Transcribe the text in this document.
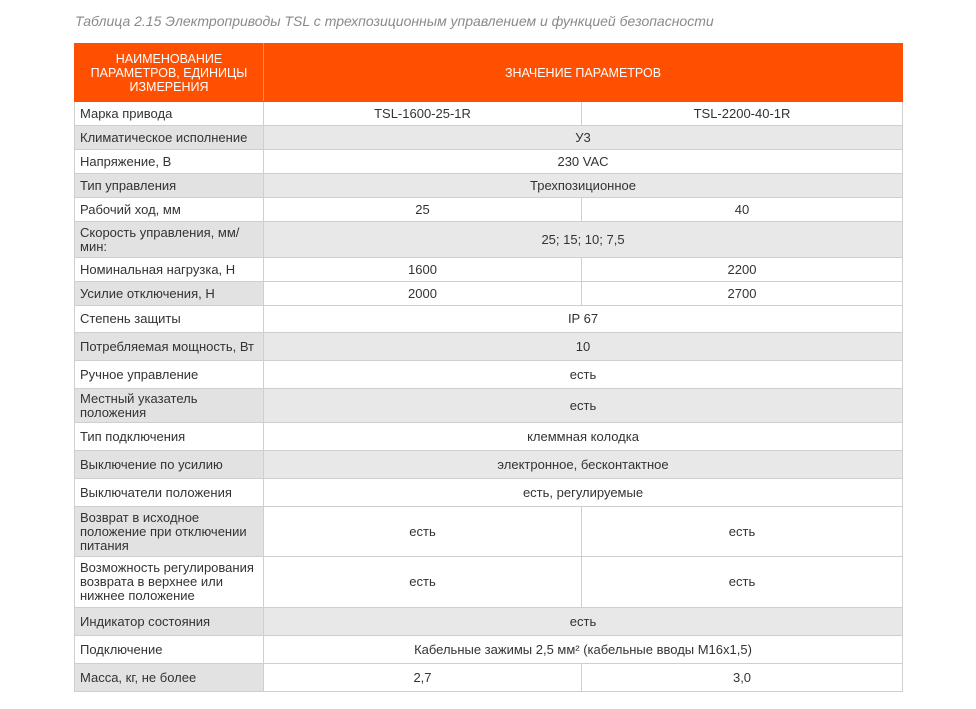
Таблица 2.15 Электроприводы TSL с трехпозиционным управлением и функцией безопасности
НАИМЕНОВАНИЕ ПАРАМЕТРОВ, ЕДИНИЦЫ ИЗМЕРЕНИЯ	ЗНАЧЕНИЕ ПАРАМЕТРОВ	
Марка привода	TSL-1600-25-1R	TSL-2200-40-1R
Климатическое исполнение	У3	
Напряжение, В	230 VAC	
Тип управления	Трехпозиционное	
Рабочий ход, мм	25	40
Скорость управления, мм/мин:	25; 15; 10; 7,5	
Номинальная нагрузка, Н	1600	2200
Усилие отключения, Н	2000	2700
Степень защиты	IP 67	
Потребляемая мощность, Вт	10	
Ручное управление	есть	
Местный указатель положения	есть	
Тип подключения	клеммная колодка	
Выключение по усилию	электронное, бесконтактное	
Выключатели положения	есть, регулируемые	
Возврат в исходное положение при отключении питания	есть	есть
Возможность регулирования возврата в верхнее или нижнее положение	есть	есть
Индикатор состояния	есть	
Подключение	Кабельные зажимы 2,5 мм² (кабельные вводы М16х1,5)	
Масса, кг, не более	2,7	3,0
